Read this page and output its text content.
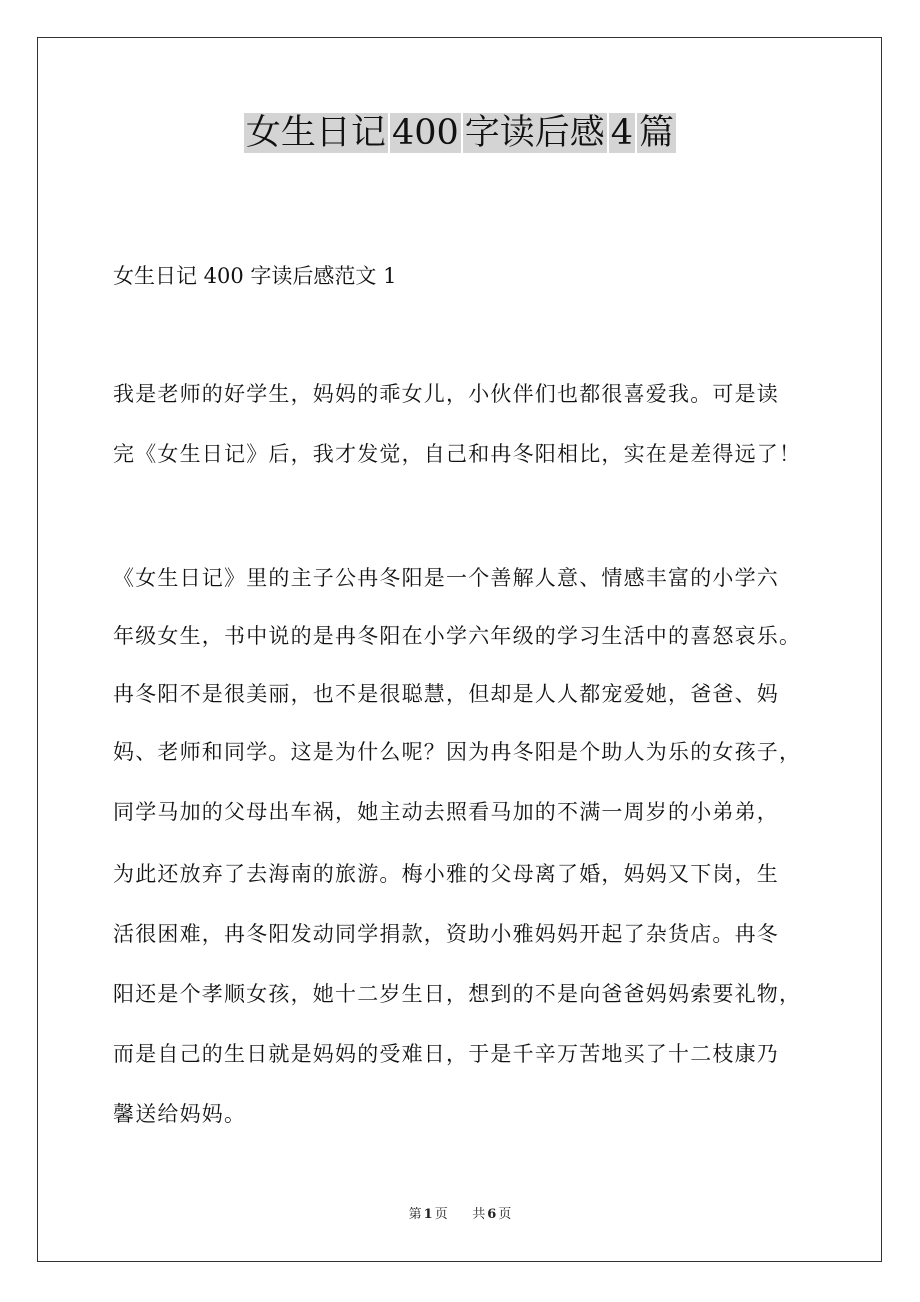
女生日记 400 字读后感 4 篇
女生日记 400 字读后感范文 1
我是老师的好学生，妈妈的乖女儿，小伙伴们也都很喜爱我。可是读
完《女生日记》后，我才发觉，自己和冉冬阳相比，实在是差得远了！
《女生日记》里的主子公冉冬阳是一个善解人意、情感丰富的小学六
年级女生，书中说的是冉冬阳在小学六年级的学习生活中的喜怒哀乐。
冉冬阳不是很美丽，也不是很聪慧，但却是人人都宠爱她，爸爸、妈
妈、老师和同学。这是为什么呢？因为冉冬阳是个助人为乐的女孩子，
同学马加的父母出车祸，她主动去照看马加的不满一周岁的小弟弟，
为此还放弃了去海南的旅游。梅小雅的父母离了婚，妈妈又下岗，生
活很困难，冉冬阳发动同学捐款，资助小雅妈妈开起了杂货店。冉冬
阳还是个孝顺女孩，她十二岁生日，想到的不是向爸爸妈妈索要礼物，
而是自己的生日就是妈妈的受难日，于是千辛万苦地买了十二枝康乃
馨送给妈妈。
第 1 页 共 6 页
